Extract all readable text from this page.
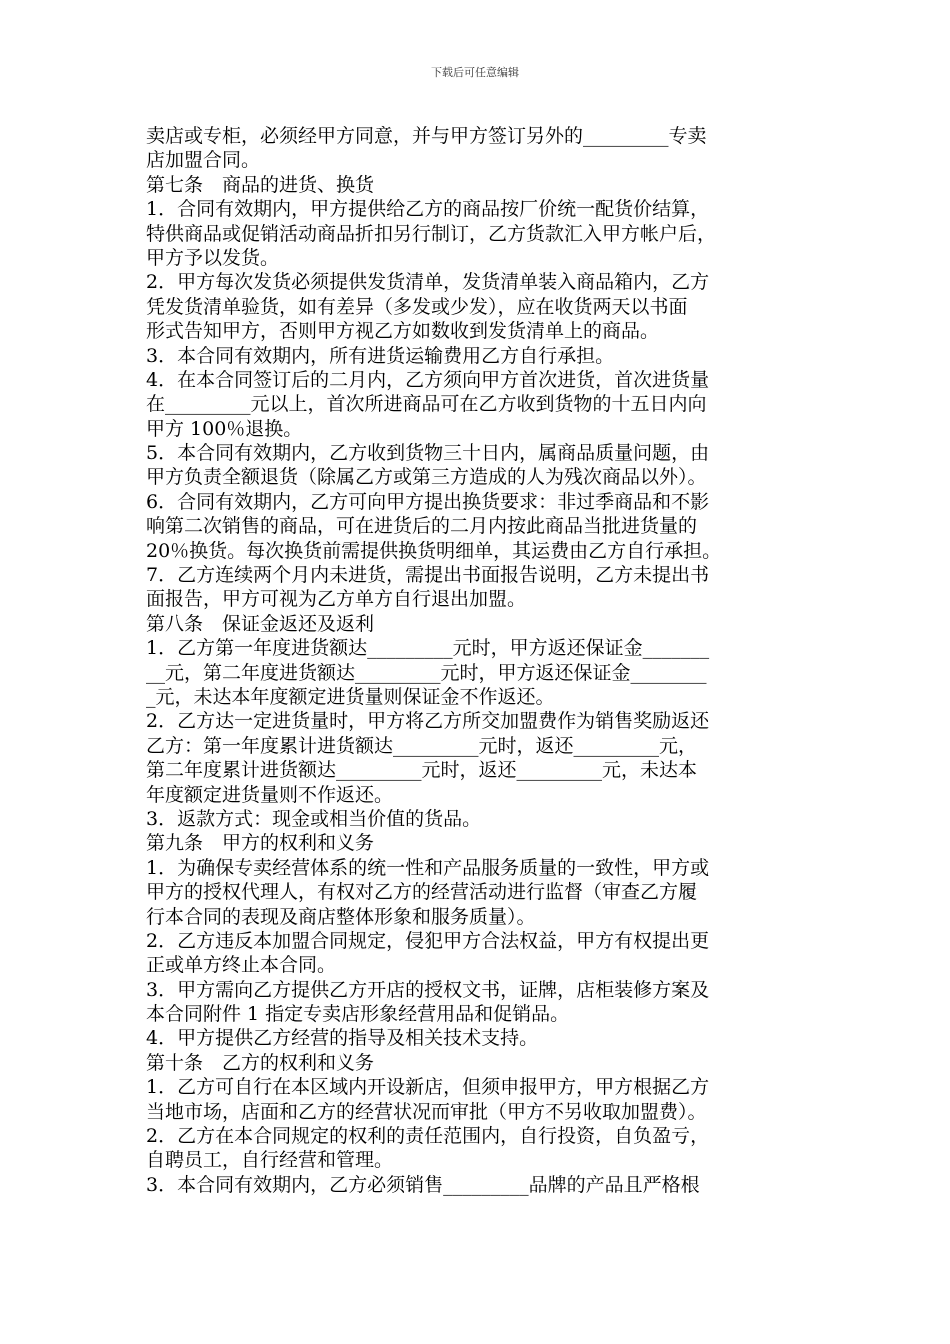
下载后可任意编辑
卖店或专柜，必须经甲方同意，并与甲方签订另外的_________专卖
店加盟合同。
第七条　商品的进货、换货
1．合同有效期内，甲方提供给乙方的商品按厂价统一配货价结算，
特供商品或促销活动商品折扣另行制订，乙方货款汇入甲方帐户后，
甲方予以发货。
2．甲方每次发货必须提供发货清单，发货清单装入商品箱内，乙方
凭发货清单验货，如有差异（多发或少发），应在收货两天以书面
形式告知甲方，否则甲方视乙方如数收到发货清单上的商品。
3．本合同有效期内，所有进货运输费用乙方自行承担。
4．在本合同签订后的二月内，乙方须向甲方首次进货，首次进货量
在_________元以上，首次所进商品可在乙方收到货物的十五日内向
甲方 100％退换。
5．本合同有效期内，乙方收到货物三十日内，属商品质量问题，由
甲方负责全额退货（除属乙方或第三方造成的人为残次商品以外）。
6．合同有效期内，乙方可向甲方提出换货要求：非过季商品和不影
响第二次销售的商品，可在进货后的二月内按此商品当批进货量的
20％换货。每次换货前需提供换货明细单，其运费由乙方自行承担。
7．乙方连续两个月内未进货，需提出书面报告说明，乙方未提出书
面报告，甲方可视为乙方单方自行退出加盟。
第八条　保证金返还及返利
1．乙方第一年度进货额达_________元时，甲方返还保证金_______
__元，第二年度进货额达_________元时，甲方返还保证金________
_元，未达本年度额定进货量则保证金不作返还。
2．乙方达一定进货量时，甲方将乙方所交加盟费作为销售奖励返还
乙方：第一年度累计进货额达_________元时，返还_________元，
第二年度累计进货额达_________元时，返还_________元，未达本
年度额定进货量则不作返还。
3．返款方式：现金或相当价值的货品。
第九条　甲方的权利和义务
1．为确保专卖经营体系的统一性和产品服务质量的一致性，甲方或
甲方的授权代理人，有权对乙方的经营活动进行监督（审查乙方履
行本合同的表现及商店整体形象和服务质量）。
2．乙方违反本加盟合同规定，侵犯甲方合法权益，甲方有权提出更
正或单方终止本合同。
3．甲方需向乙方提供乙方开店的授权文书，证牌，店柜装修方案及
本合同附件 1 指定专卖店形象经营用品和促销品。
4．甲方提供乙方经营的指导及相关技术支持。
第十条　乙方的权利和义务
1．乙方可自行在本区域内开设新店，但须申报甲方，甲方根据乙方
当地市场，店面和乙方的经营状况而审批（甲方不另收取加盟费）。
2．乙方在本合同规定的权利的责任范围内，自行投资，自负盈亏，
自聘员工，自行经营和管理。
3．本合同有效期内，乙方必须销售_________品牌的产品且严格根
